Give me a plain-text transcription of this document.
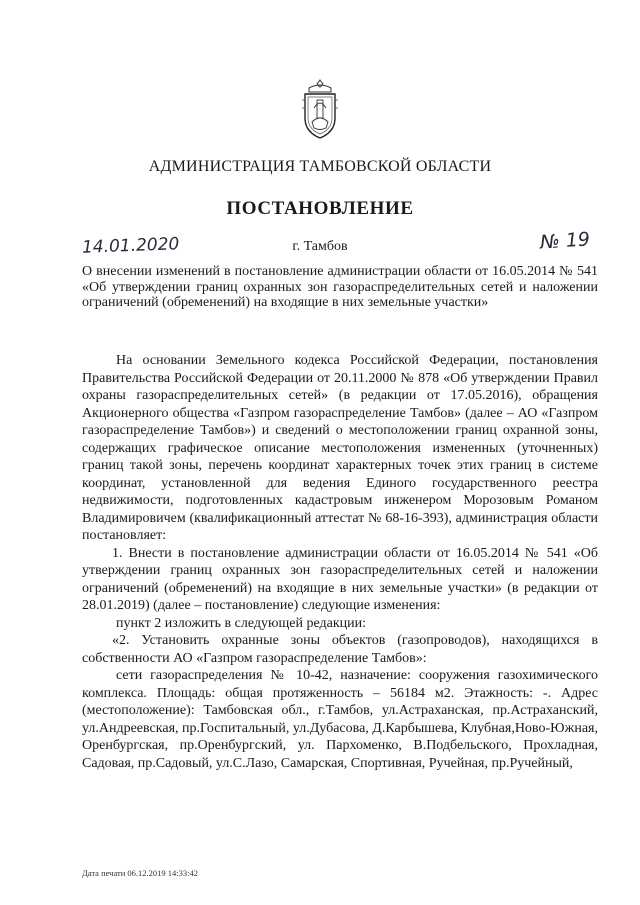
АДМИНИСТРАЦИЯ ТАМБОВСКОЙ ОБЛАСТИ
ПОСТАНОВЛЕНИЕ
14.01.2020	г. Тамбов	№ 19
О внесении изменений в постановление администрации области от 16.05.2014 № 541 «Об утверждении границ охранных зон газораспределительных сетей и наложении ограничений (обременений) на входящие в них земельные участки»

На основании Земельного кодекса Российской Федерации, постановления Правительства Российской Федерации от 20.11.2000 № 878 «Об утверждении Правил охраны газораспределительных сетей» (в редакции от 17.05.2016), обращения Акционерного общества «Газпром газораспределение Тамбов» (далее – АО «Газпром газораспределение Тамбов») и сведений о местоположении границ охранной зоны, содержащих графическое описание местоположения измененных (уточненных) границ такой зоны, перечень координат характерных точек этих границ в системе координат, установленной для ведения Единого государственного реестра недвижимости, подготовленных кадастровым инженером Морозовым Романом Владимировичем (квалификационный аттестат № 68-16-393), администрация области постановляет:

1. Внести в постановление администрации области от 16.05.2014 № 541 «Об утверждении границ охранных зон газораспределительных сетей и наложении ограничений (обременений) на входящие в них земельные участки» (в редакции от 28.01.2019) (далее – постановление) следующие изменения:

пункт 2 изложить в следующей редакции:

«2. Установить охранные зоны объектов (газопроводов), находящихся в собственности АО «Газпром газораспределение Тамбов»:

сети газораспределения № 10-42, назначение: сооружения газохимического комплекса. Площадь: общая протяженность – 56184 м2. Этажность: -. Адрес (местоположение): Тамбовская обл., г.Тамбов, ул.Астраханская, пр.Астраханский, ул.Андреевская, пр.Госпитальный, ул.Дубасова, Д.Карбышева, Клубная,Ново-Южная, Оренбургская, пр.Оренбургский, ул. Пархоменко, В.Подбельского, Прохладная, Садовая, пр.Садовый, ул.С.Лазо, Самарская, Спортивная, Ручейная, пр.Ручейный,

Дата печати 06.12.2019 14:33:42
